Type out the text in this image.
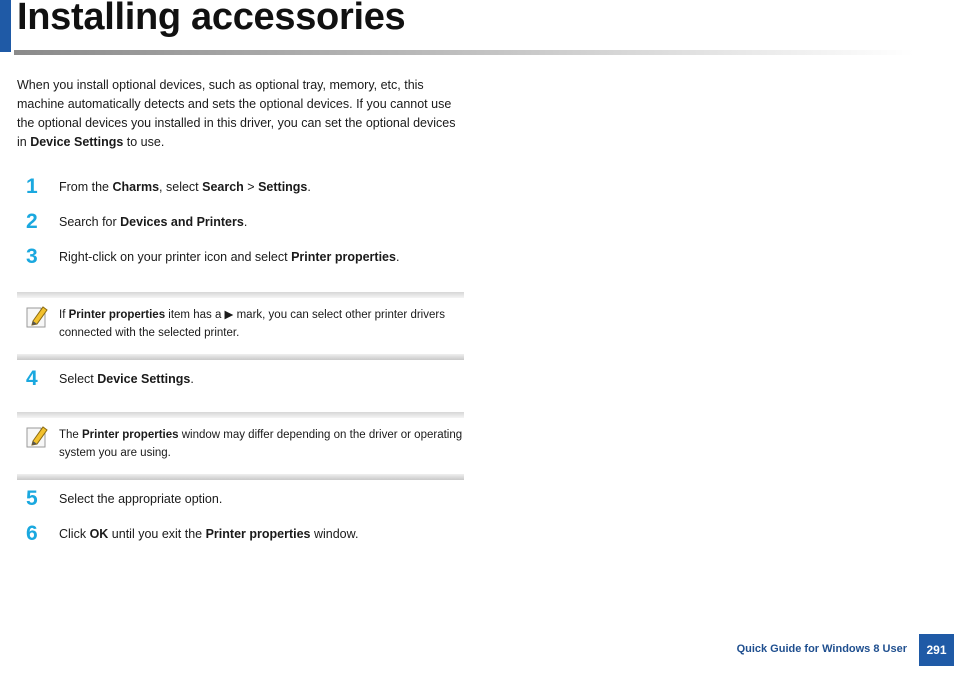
Installing accessories

When you install optional devices, such as optional tray, memory, etc, this machine automatically detects and sets the optional devices. If you cannot use the optional devices you installed in this driver, you can set the optional devices in Device Settings to use.

1 From the Charms, select Search > Settings.
2 Search for Devices and Printers.
3 Right-click on your printer icon and select Printer properties.
If Printer properties item has a ▶ mark, you can select other printer drivers connected with the selected printer.
4 Select Device Settings.
The Printer properties window may differ depending on the driver or operating system you are using.
5 Select the appropriate option.
6 Click OK until you exit the Printer properties window.
Quick Guide for Windows 8 User	291
